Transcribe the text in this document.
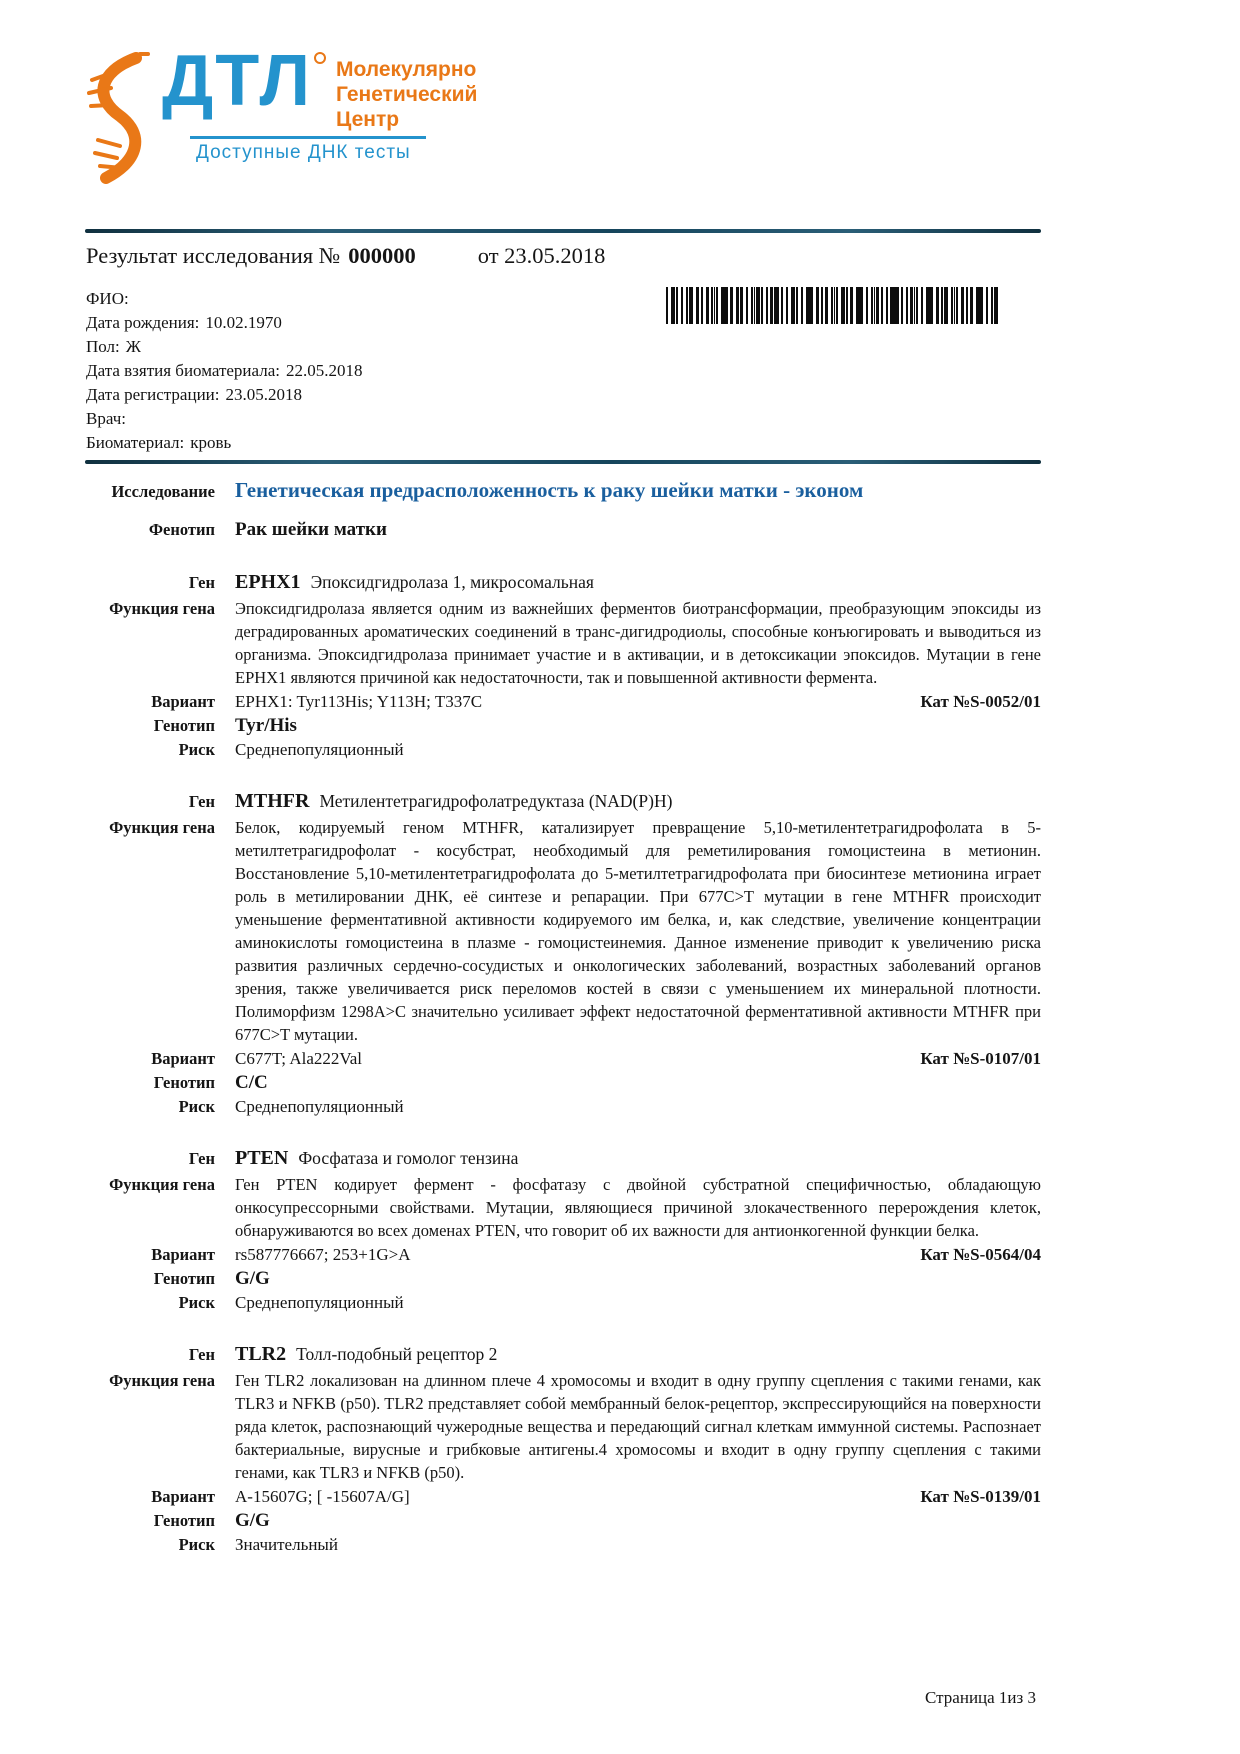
ДТЛ Молекулярно
Генетический
Центр
Доступные ДНК тесты
Результат исследования № 000000	от 23.05.2018
ФИО:
Дата рождения: 10.02.1970
Пол: Ж
Дата взятия биоматериала: 22.05.2018
Дата регистрации: 23.05.2018
Врач:
Биоматериал: кровь
Исследование Генетическая предрасположенность к раку шейки матки - эконом
Фенотип Рак шейки матки
Ген EPHX1 Эпоксидгидролаза 1, микросомальная
Функция гена Эпоксидгидролаза является одним из важнейших ферментов биотрансформации, преобразующим эпоксиды из деградированных ароматических соединений в транс-дигидродиолы, способные конъюгировать и выводиться из организма. Эпоксидгидролаза принимает участие и в активации, и в детоксикации эпоксидов. Мутации в гене EPHX1 являются причиной как недостаточности, так и повышенной активности фермента.
Вариант EPHX1: Tyr113His; Y113H; T337C	Кат №S-0052/01
Генотип Tyr/His
Риск Среднепопуляционный
Ген MTHFR Метилентетрагидрофолатредуктаза (NAD(P)H)
Функция гена Белок, кодируемый геном MTHFR, катализирует превращение 5,10-метилентетрагидрофолата в 5-метилтетрагидрофолат - косубстрат, необходимый для реметилирования гомоцистеина в метионин. Восстановление 5,10-метилентетрагидрофолата до 5-метилтетрагидрофолата при биосинтезе метионина играет роль в метилировании ДНК, её синтезе и репарации. При 677C>T мутации в гене MTHFR происходит уменьшение ферментативной активности кодируемого им белка, и, как следствие, увеличение концентрации аминокислоты гомоцистеина в плазме - гомоцистеинемия. Данное изменение приводит к увеличению риска развития различных сердечно-сосудистых и онкологических заболеваний, возрастных заболеваний органов зрения, также увеличивается риск переломов костей в связи с уменьшением их минеральной плотности. Полиморфизм 1298A>C значительно усиливает эффект недостаточной ферментативной активности MTHFR при 677C>T мутации.
Вариант C677T; Ala222Val	Кат №S-0107/01
Генотип C/C
Риск Среднепопуляционный
Ген PTEN Фосфатаза и гомолог тензина
Функция гена Ген PTEN кодирует фермент - фосфатазу с двойной субстратной специфичностью, обладающую онкосупрессорными свойствами. Мутации, являющиеся причиной злокачественного перерождения клеток, обнаруживаются во всех доменах PTEN, что говорит об их важности для антионкогенной функции белка.
Вариант rs587776667; 253+1G>A	Кат №S-0564/04
Генотип G/G
Риск Среднепопуляционный
Ген TLR2 Толл-подобный рецептор 2
Функция гена Ген TLR2 локализован на длинном плече 4 хромосомы и входит в одну группу сцепления с такими генами, как TLR3 и NFKB (p50). TLR2 представляет собой мембранный белок-рецептор, экспрессирующийся на поверхности ряда клеток, распознающий чужеродные вещества и передающий сигнал клеткам иммунной системы. Распознает бактериальные, вирусные и грибковые антигены.4 хромосомы и входит в одну группу сцепления с такими генами, как TLR3 и NFKB (p50).
Вариант A-15607G; [ -15607A/G]	Кат №S-0139/01
Генотип G/G
Риск Значительный
Страница 1из 3
